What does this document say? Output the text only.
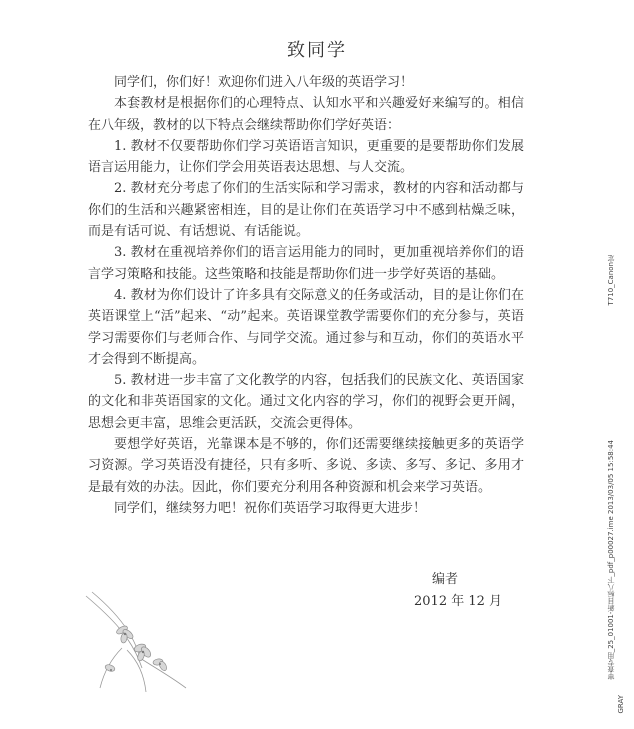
致同学

同学们，你们好！欢迎你们进入八年级的英语学习！

本套教材是根据你们的心理特点、认知水平和兴趣爱好来编写的。相信在八年级，教材的以下特点会继续帮助你们学好英语：

1. 教材不仅要帮助你们学习英语语言知识，更重要的是要帮助你们发展语言运用能力，让你们学会用英语表达思想、与人交流。

2. 教材充分考虑了你们的生活实际和学习需求，教材的内容和活动都与你们的生活和兴趣紧密相连，目的是让你们在英语学习中不感到枯燥乏味，而是有话可说、有话想说、有话能说。

3. 教材在重视培养你们的语言运用能力的同时，更加重视培养你们的语言学习策略和技能。这些策略和技能是帮助你们进一步学好英语的基础。

4. 教材为你们设计了许多具有交际意义的任务或活动，目的是让你们在英语课堂上“活”起来、“动”起来。英语课堂教学需要你们的充分参与，英语学习需要你们与老师合作、与同学交流。通过参与和互动，你们的英语水平才会得到不断提高。

5. 教材进一步丰富了文化教学的内容，包括我们的民族文化、英语国家的文化和非英语国家的文化。通过文化内容的学习，你们的视野会更开阔，思想会更丰富，思维会更活跃，交流会更得体。

要想学好英语，光靠课本是不够的，你们还需要继续接触更多的英语学习资源。学习英语没有捷径，只有多听、多说、多读、多写、多记、多用才是最有效的办法。因此，你们要充分利用各种资源和机会来学习英语。

同学们，继续努力吧！祝你们英语学习取得更大进步！

编者
2012 年 12 月
T710_Canon定
审查专用_25_01001-新目标八下_pdf_p00027.ime 2013/03/05 15:58:44
GRAY
